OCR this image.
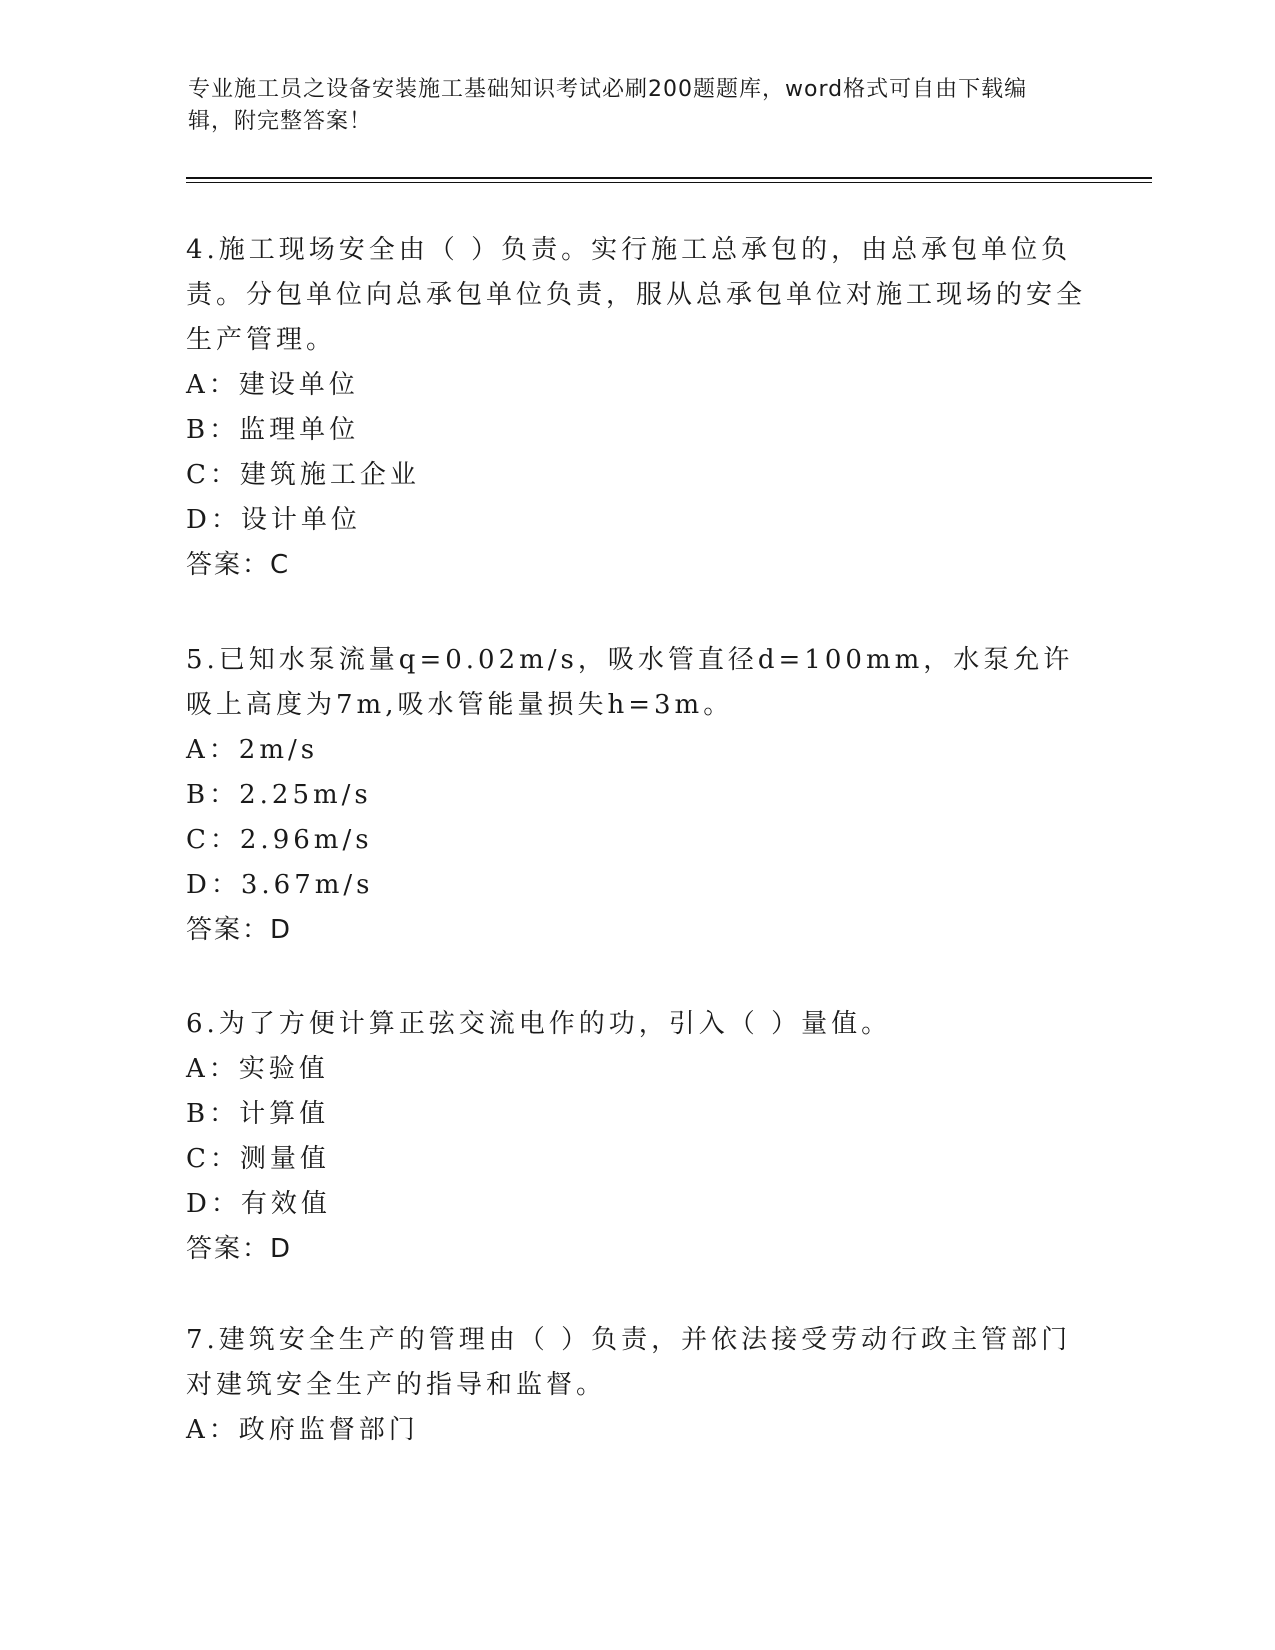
专业施工员之设备安装施工基础知识考试必刷200题题库，word格式可自由下载编辑，附完整答案！
4.施工现场安全由（ ）负责。实行施工总承包的，由总承包单位负责。分包单位向总承包单位负责，服从总承包单位对施工现场的安全生产管理。
A：建设单位
B：监理单位
C：建筑施工企业
D：设计单位
答案：C
5.已知水泵流量q=0.02m/s，吸水管直径d=100mm，水泵允许吸上高度为7m,吸水管能量损失h=3m。
A：2m/s
B：2.25m/s
C：2.96m/s
D：3.67m/s
答案：D
6.为了方便计算正弦交流电作的功，引入（ ）量值。
A：实验值
B：计算值
C：测量值
D：有效值
答案：D
7.建筑安全生产的管理由（ ）负责，并依法接受劳动行政主管部门对建筑安全生产的指导和监督。
A：政府监督部门
